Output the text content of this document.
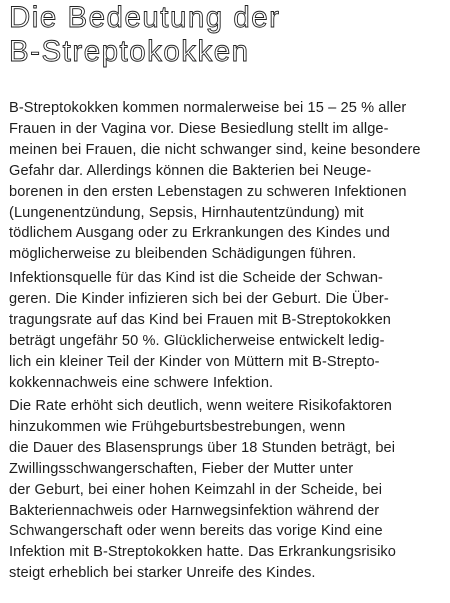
Die Bedeutung der
B-Streptokokken

B-Streptokokken kommen normalerweise bei 15 – 25 % aller
Frauen in der Vagina vor. Diese Besiedlung stellt im allge-
meinen bei Frauen, die nicht schwanger sind, keine besondere
Gefahr dar. Allerdings können die Bakterien bei Neuge-
borenen in den ersten Lebenstagen zu schweren Infektionen
(Lungenentzündung, Sepsis, Hirnhautentzündung) mit
tödlichem Ausgang oder zu Erkrankungen des Kindes und
möglicherweise zu bleibenden Schädigungen führen.

Infektionsquelle für das Kind ist die Scheide der Schwan-
geren. Die Kinder infizieren sich bei der Geburt. Die Über-
tragungsrate auf das Kind bei Frauen mit B-Streptokokken
beträgt ungefähr 50 %. Glücklicherweise entwickelt ledig-
lich ein kleiner Teil der Kinder von Müttern mit B-Strepto-
kokkennachweis eine schwere Infektion.

Die Rate erhöht sich deutlich, wenn weitere Risikofaktoren
hinzukommen wie Frühgeburtsbestrebungen, wenn
die Dauer des Blasensprungs über 18 Stunden beträgt, bei
Zwillingsschwangerschaften, Fieber der Mutter unter
der Geburt, bei einer hohen Keimzahl in der Scheide, bei
Bakteriennachweis oder Harnwegsinfektion während der
Schwangerschaft oder wenn bereits das vorige Kind eine
Infektion mit B-Streptokokken hatte. Das Erkrankungsrisiko
steigt erheblich bei starker Unreife des Kindes.
